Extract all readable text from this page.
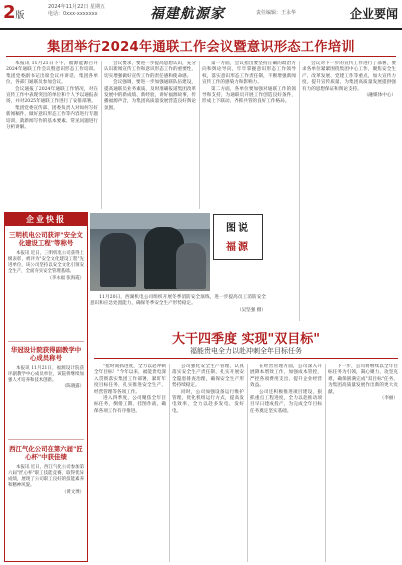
2版
2024年11月22日 星期五
电话：0xxx-xxxxxxx	福建航源家	责任编辑：王永华	企业要闻
集团举行2024年通联工作会议暨意识形态工作培训

本报讯 11月21日下午，福源能源召开2024年通联工作会议暨意识形态工作培训。集团党委副书记出席会议并讲话，集团各单位、各部门通联员参加会议。

会议通报了2024年通联工作情况，对在宣传工作中表现突出的单位和个人予以通报表扬，并对2025年通联工作进行了安排部署。

集团党委宣传部、团委负责人对如何写好新闻稿件、做好意识形态工作等内容进行专题培训，就新闻写作的基本要素、常见问题进行分析讲解。

会议要求，要进一步提高思想认识，充分认识新闻宣传工作和意识形态工作的重要性，切实增强做好宣传工作的责任感和使命感。

会议强调，要进一步加强通联队伍建设，提高通联员业务素质，及时准确报道集团改革发展中的新成绩、新经验，讲好福源故事，传播福源声音，为集团高质量发展营造良好舆论氛围。

第一方面，会议指出要坚持正确的政治方向和舆论导向，牢牢掌握意识形态工作领导权，落实意识形态工作责任制，不断增强新闻宣传工作的感染力和影响力。

第二方面，各单位要加强对通联工作的领导和支持，为通联员开展工作创造良好条件，形成上下联动、齐抓共管的良好工作格局。

会议对下一步的宣传工作进行了部署，要求各单位紧紧围绕集团中心工作，聚焦安全生产、改革发展、党建工作等重点，加大宣传力度，提升宣传质量，为集团高质量发展提供强有力的思想保证和舆论支持。

（融媒体中心）

企业快报
三明机电公司获评"安全文化建设工程"等称号

本报讯 近日，三明机电公司获得上级表彰，被评为"安全文化建设工程"先进单位，该公司坚持以安全文化引领安全生产，全面夯实安全管理基础。

（李永福 张海霞）

华冠设计院获得副教学中心成员称号

本报讯 11月21日，福源设计院获评副教学中心成员单位，该院将继续加强人才培养和技术创新。

（陈晓露）

西江气化公司在第六届"匠心杯"中获佳绩

本报讯 近日，西江气化公司参加第六届"匠心杯"职工技能竞赛，取得优异成绩，展现了公司职工良好的技能素养和精神风貌。

（黄文博）

图说
福源

11月20日，西湖机电公司组织开展冬季消防安全演练，进一步提高员工消防安全意识和应急处置能力，确保冬季安全生产形势稳定。

（吴坚强 摄）

大干四季度 实现"双目标"
福能贵电全力以赴冲刺全年目标任务

"抢时间抓进度，全力以赴冲刺全年目标！"今年以来，福能贵电深入贯彻落实集团工作部署，紧盯年度目标任务，扎实推进安全生产、经营管理等各项工作。

进入四季度，公司聚焦全年目标任务，倒排工期、挂图作战，确保各项工作有序推进。

公司强化安全生产管理，认真落实安全生产责任制，扎实开展安全隐患排查治理，确保安全生产形势持续稳定。

同时，公司加强设备运行维护管理，优化机组运行方式，提高发电效率，全力以赴多发电、发好电。

在经营管理方面，公司深入开展降本增效工作，加强成本管控，严控各项费用支出，提升企业经营效益。

公司还积极推进项目建设，狠抓重点工程进度，全力以赴推动项目早日建成投产，为完成全年目标任务奠定坚实基础。

下一步，公司将继续以全年目标任务为引领，凝心聚力、攻坚克难，确保圆满完成"双目标"任务，为集团高质量发展作出新的更大贡献。

（李丽）
